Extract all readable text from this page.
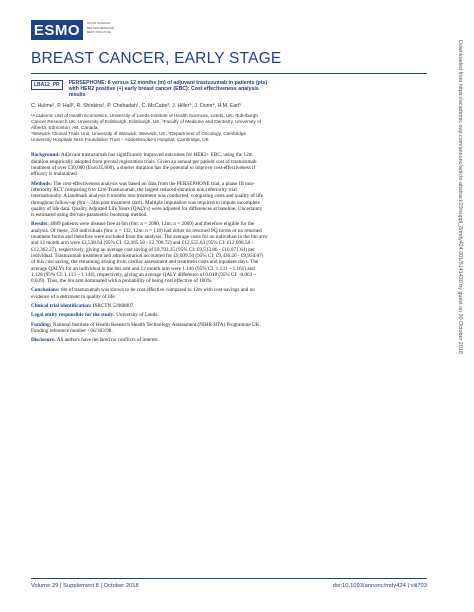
ESMO	GOOD SCIENCE
BETTER MEDICINE
BEST PRACTICE
BREAST CANCER, EARLY STAGE
LBA12_PR	PERSEPHONE: 6 versus 12 months (m) of adjuvant trastuzumab in patients (pts) with HER2 positive (+) early breast cancer (EBC): Cost effectiveness analysis results
C. Hulme¹, P. Hall², R. Shinkins¹, P. Chehadah¹, C. McCabe³, J. Hiller⁴, J. Dunn⁴, H.M. Earl⁵
¹Academic Unit of Health Economics, University of Leeds-Institute of Health Sciences, Leeds, UK, ²Edinburgh Cancer Research UK, University of Edinburgh, Edinburgh, UK, ³Faculty of Medicine and Dentistry, University of Alberta, Edmonton, AB, Canada,
⁴Warwick Clinical Trials Unit, University of Warwick, Warwick, UK, ⁵Department of Oncology, Cambridge University Hospitals NHS Foundation Trust – Addenbrooke's Hospital, Cambridge, UK

Background: Adjuvant trastuzumab has significantly improved outcomes for HER2+ EBC, using the 12m duration empirically adopted from pivotal registration trials. Given an annual per patient cost of trastuzumab treatment of over £30,000 (Euro35,000), a shorter duration has the potential to improve cost-effectiveness if efficacy is maintained.

Methods: The cost-effectiveness analysis was based on data from the PERSEPHONE trial, a phase III non-inferiority RCT comparing 6 to 12m Trastuzumab, the largest reduced-duration non-inferiority trial internationally. A landmark analysis 6 months into treatment was conducted, comparing costs and quality of life throughout follow-up (6m – 24m post treatment start). Multiple imputation was required to impute incomplete quality of life data. Quality Adjusted Life Years (QALYs) were adjusted for differences at baseline. Uncertainty is estimated using the non-parametric bootstrap method.

Results: 4089 patients were disease free at 6m (6m: n = 2080, 12m: n = 2009) and therefore eligible for the analysis. Of these, 250 individuals (6m: n = 132, 12m: n = 118) had either no returned PQ forms or no returned treatment forms and therefore were excluded from the analysis. The average costs for an individual in the 6m arm and 12 month arm were £2,538.64 (95% CI: £2,385.58 - £2,700.72) and £12,555.63 (95% CI: £12,098.58 - £12,362.27), respectively, giving an average cost saving of £9,793.25 (95% CI: £9,513.86 - £10,071.64) per individual. Trastuzumab treatment and administration accounted for £9,699.50 (95% CI: £9,436.20 - £9,954.67) of this cost saving, the remaining arising from cardiac assessment and treatment costs and inpatient days. The average QALYs for an individual in the 6m arm and 12 month arm were 1.146 (95% CI: 1.131 – 1.161) and 1.128 (95% CI: 1.113 – 1.144), respectively, giving an average QALY difference of 0.018 (95% CI: -0.003 – 0.039). Thus, the 6m arm dominated with a probability of being cost effective of 100%.

Conclusions: 6m of trastuzumab was shown to be cost effective compared to 12m with cost-savings and no evidence of a detriment to quality of life.

Clinical trial identification: ISRCTN 52968807.

Legal entity responsible for the study: University of Leeds.

Funding: National Institute of Health Research Health Technology Assessment (NIHR HTA) Programme UK. Funding reference number - 06/303/98.

Disclosure: All authors have declared no conflicts of interest.	Downloaded from https://academic.oup.com/annonc/article-abstract/29/suppl_8/mdy424.001/5141430 by guest on 30 October 2018
Volume 29 | Supplement 8 | October 2018	doi:10.1093/annonc/mdy424 | viii703
